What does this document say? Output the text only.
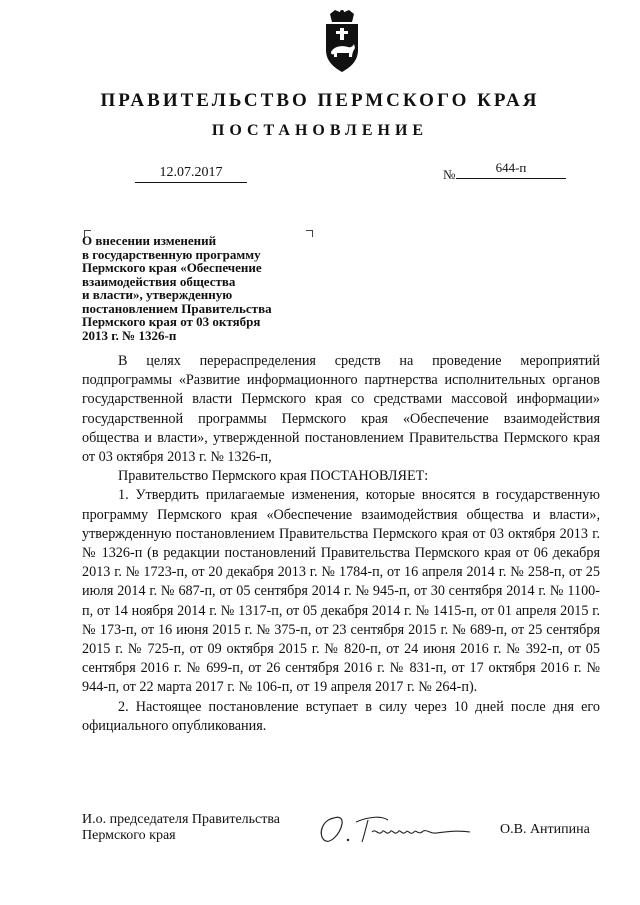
ПРАВИТЕЛЬСТВО ПЕРМСКОГО КРАЯ
ПОСТАНОВЛЕНИЕ
12.07.2017	№	644-п
О внесении изменений
в государственную программу
Пермского края «Обеспечение
взаимодействия общества
и власти», утвержденную
постановлением Правительства
Пермского края от 03 октября
2013 г. № 1326-п

В целях перераспределения средств на проведение мероприятий подпрограммы «Развитие информационного партнерства исполнительных органов государственной власти Пермского края со средствами массовой информации» государственной программы Пермского края «Обеспечение взаимодействия общества и власти», утвержденной постановлением Правительства Пермского края от 03 октября 2013 г. № 1326-п,

Правительство Пермского края ПОСТАНОВЛЯЕТ:

1. Утвердить прилагаемые изменения, которые вносятся в государственную программу Пермского края «Обеспечение взаимодействия общества и власти», утвержденную постановлением Правительства Пермского края от 03 октября 2013 г. № 1326-п (в редакции постановлений Правительства Пермского края от 06 декабря 2013 г. № 1723-п, от 20 декабря 2013 г. № 1784-п, от 16 апреля 2014 г. № 258-п, от 25 июля 2014 г. № 687-п, от 05 сентября 2014 г. № 945-п, от 30 сентября 2014 г. № 1100-п, от 14 ноября 2014 г. № 1317-п, от 05 декабря 2014 г. № 1415-п, от 01 апреля 2015 г. № 173-п, от 16 июня 2015 г. № 375-п, от 23 сентября 2015 г. № 689-п, от 25 сентября 2015 г. № 725-п, от 09 октября 2015 г. № 820-п, от 24 июня 2016 г. № 392-п, от 05 сентября 2016 г. № 699-п, от 26 сентября 2016 г. № 831-п, от 17 октября 2016 г. № 944-п, от 22 марта 2017 г. № 106-п, от 19 апреля 2017 г. № 264-п).

2. Настоящее постановление вступает в силу через 10 дней после дня его официального опубликования.

И.о. председателя Правительства
Пермского края	О.В. Антипина
